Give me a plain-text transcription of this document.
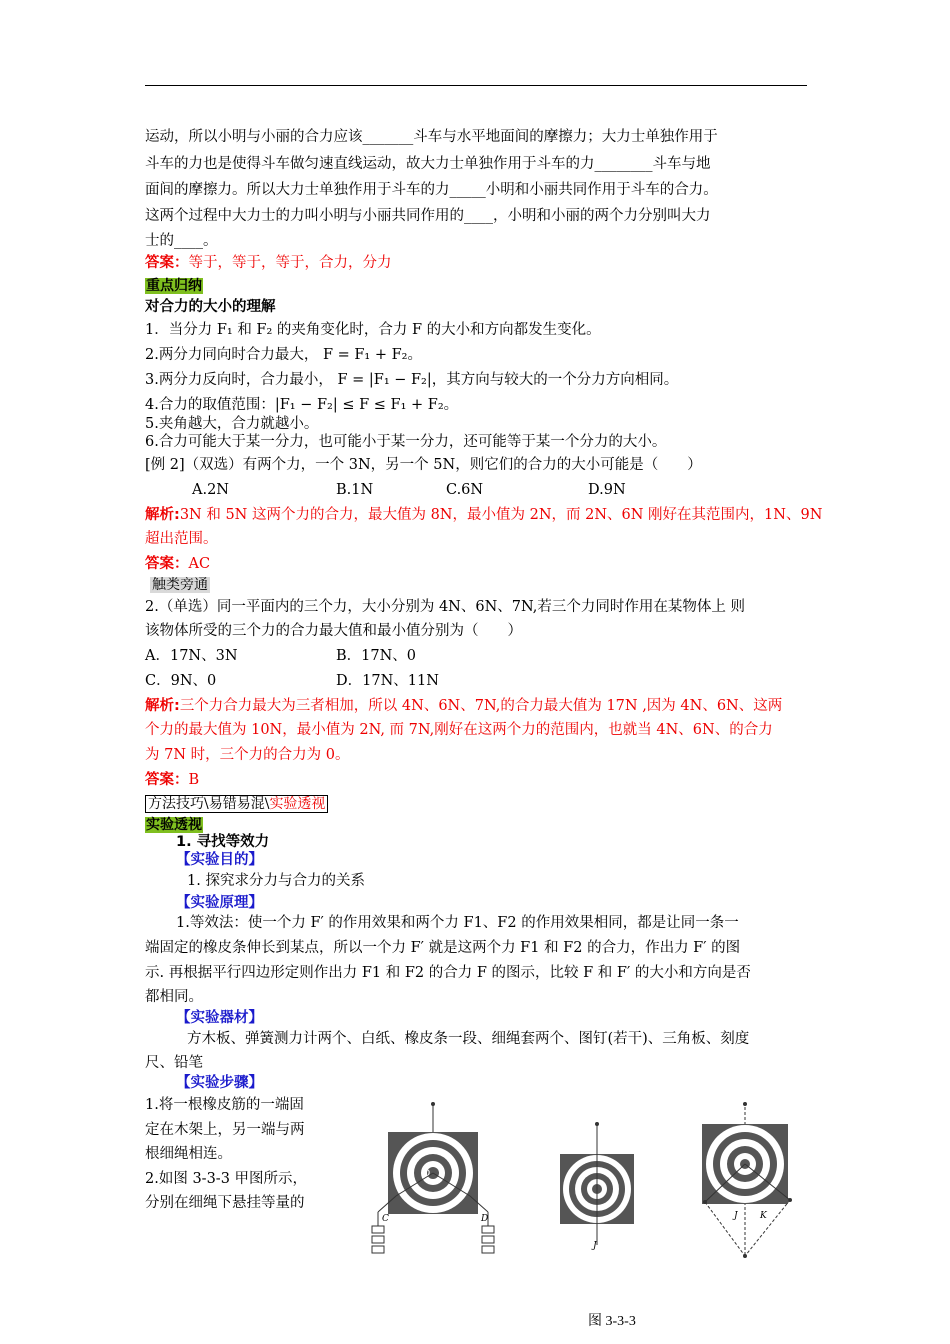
运动，所以小明与小丽的合力应该_______斗车与水平地面间的摩擦力；大力士单独作用于
斗车的力也是使得斗车做匀速直线运动，故大力士单独作用于斗车的力________斗车与地
面间的摩擦力。所以大力士单独作用于斗车的力_____小明和小丽共同作用于斗车的合力。
这两个过程中大力士的力叫小明与小丽共同作用的____，小明和小丽的两个力分别叫大力
士的____。
答案：等于，等于，等于，合力，分力
重点归纳
对合力的大小的理解
1．当分力 F₁ 和 F₂ 的夹角变化时，合力 F 的大小和方向都发生变化。
2.两分力同向时合力最大， F = F₁ + F₂。
3.两分力反向时，合力最小， F = |F₁ − F₂|，其方向与较大的一个分力方向相同。
4.合力的取值范围：|F₁ − F₂| ≤ F ≤ F₁ + F₂。
5.夹角越大，合力就越小。
6.合力可能大于某一分力，也可能小于某一分力，还可能等于某一个分力的大小。
[例 2]（双选）有两个力，一个 3N，另一个 5N，则它们的合力的大小可能是（　　）
A.2N	B.1N	C.6N	D.9N
解析:3N 和 5N 这两个力的合力，最大值为 8N，最小值为 2N，而 2N、6N 刚好在其范围内，1N、9N
超出范围。
答案：AC
触类旁通
2.（单选）同一平面内的三个力，大小分别为 4N、6N、7N,若三个力同时作用在某物体上 则
该物体所受的三个力的合力最大值和最小值分别为（　　）
A．17N、3N	B．17N、0
C．9N、0	D．17N、11N
解析:三个力合力最大为三者相加，所以 4N、6N、7N,的合力最大值为 17N ,因为 4N、6N、这两
个力的最大值为 10N，最小值为 2N, 而 7N,刚好在这两个力的范围内，也就当 4N、6N、的合力
为 7N 时，三个力的合力为 0。
答案：B
方法技巧\易错易混\实验透视
实验透视
1. 寻找等效力
【实验目的】
1. 探究求分力与合力的关系
【实验原理】
1.等效法：使一个力 F′ 的作用效果和两个力 F1、F2 的作用效果相同，都是让同一条一
端固定的橡皮条伸长到某点，所以一个力 F′ 就是这两个力 F1 和 F2 的合力，作出力 F′ 的图
示. 再根据平行四边形定则作出力 F1 和 F2 的合力 F 的图示，比较 F 和 F′ 的大小和方向是否
都相同。
【实验器材】
方木板、弹簧测力计两个、白纸、橡皮条一段、细绳套两个、图钉(若干)、三角板、刻度
尺、铅笔
【实验步骤】
1.将一根橡皮筋的一端固
定在木架上，另一端与两
根细绳相连。
2.如图 3-3-3 甲图所示，
分别在细绳下悬挂等量的
O
C	D
J
J K
图 3-3-3
